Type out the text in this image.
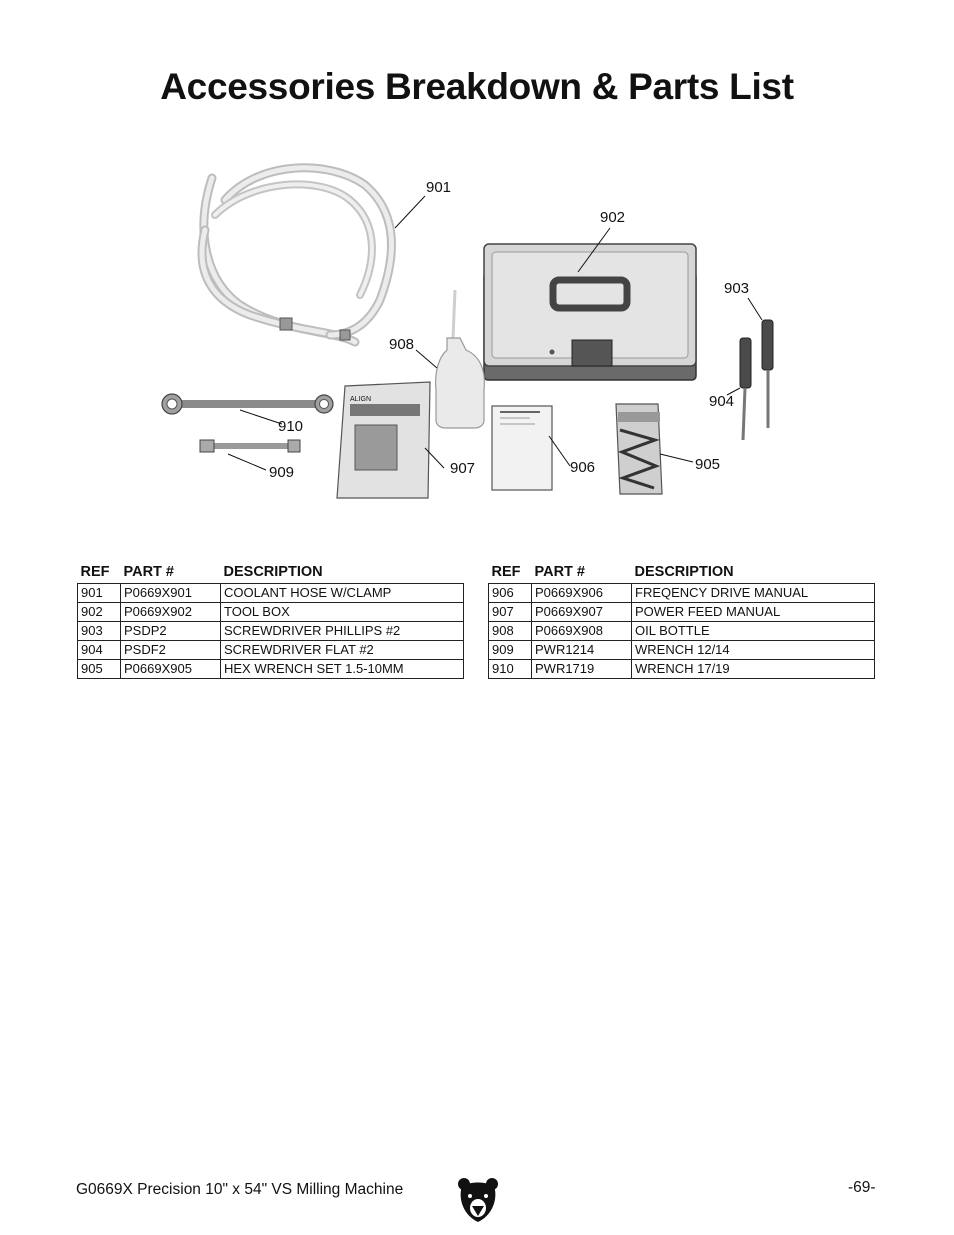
Accessories Breakdown & Parts List
ALIGN
901
902
903
904
905
906
907
908
909
910
REF	PART #	DESCRIPTION
901	P0669X901	COOLANT HOSE W/CLAMP
902	P0669X902	TOOL BOX
903	PSDP2	SCREWDRIVER PHILLIPS #2
904	PSDF2	SCREWDRIVER FLAT #2
905	P0669X905	HEX WRENCH SET 1.5-10MM
REF	PART #	DESCRIPTION
906	P0669X906	FREQENCY DRIVE MANUAL
907	P0669X907	POWER FEED MANUAL
908	P0669X908	OIL BOTTLE
909	PWR1214	WRENCH 12/14
910	PWR1719	WRENCH 17/19
G0669X Precision 10" x 54" VS Milling Machine	-69-
